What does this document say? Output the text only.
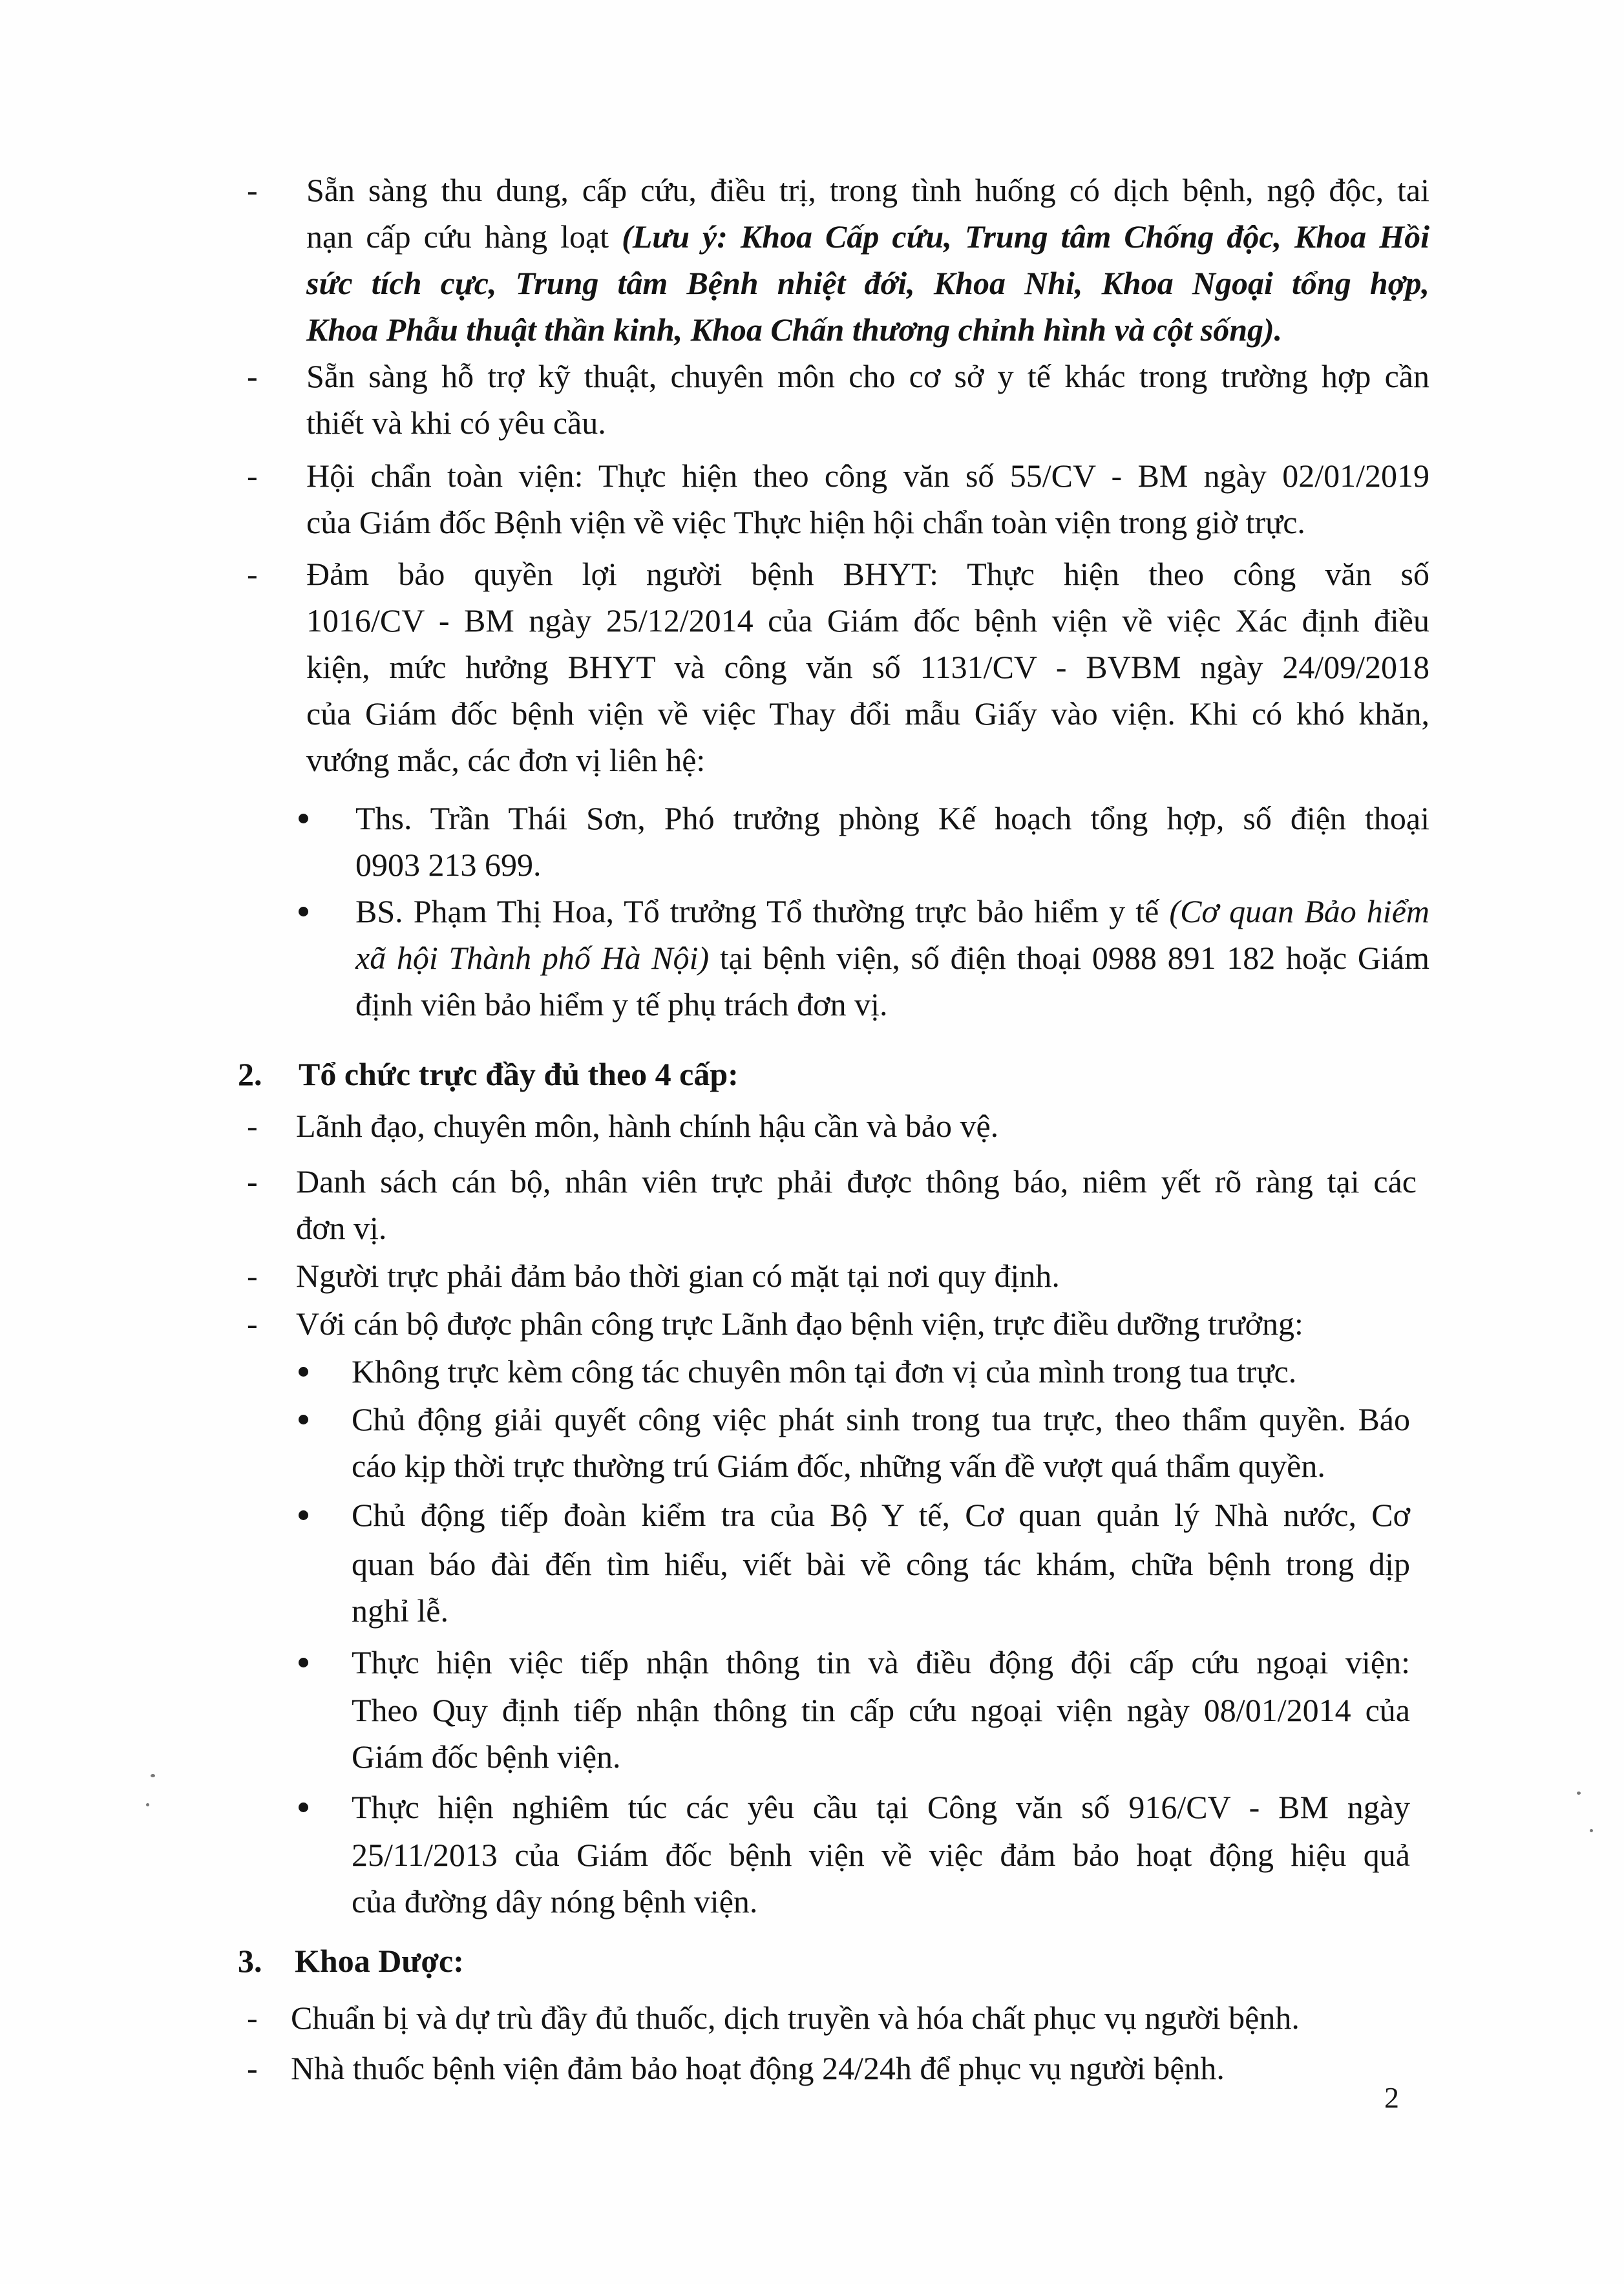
- Sẵn sàng thu dung, cấp cứu, điều trị, trong tình huống có dịch bệnh, ngộ độc, tai
nạn cấp cứu hàng loạt (Lưu ý: Khoa Cấp cứu, Trung tâm Chống độc, Khoa Hồi
sức tích cực, Trung tâm Bệnh nhiệt đới, Khoa Nhi, Khoa Ngoại tổng hợp,
Khoa Phẫu thuật thần kinh, Khoa Chấn thương chỉnh hình và cột sống).
- Sẵn sàng hỗ trợ kỹ thuật, chuyên môn cho cơ sở y tế khác trong trường hợp cần
thiết và khi có yêu cầu.
- Hội chẩn toàn viện: Thực hiện theo công văn số 55/CV - BM ngày 02/01/2019
của Giám đốc Bệnh viện về việc Thực hiện hội chẩn toàn viện trong giờ trực.
- Đảm bảo quyền lợi người bệnh BHYT: Thực hiện theo công văn số
1016/CV - BM ngày 25/12/2014 của Giám đốc bệnh viện về việc Xác định điều
kiện, mức hưởng BHYT và công văn số 1131/CV - BVBM ngày 24/09/2018
của Giám đốc bệnh viện về việc Thay đổi mẫu Giấy vào viện. Khi có khó khăn,
vướng mắc, các đơn vị liên hệ:
Ths. Trần Thái Sơn, Phó trưởng phòng Kế hoạch tổng hợp, số điện thoại
0903 213 699.
BS. Phạm Thị Hoa, Tổ trưởng Tổ thường trực bảo hiểm y tế (Cơ quan Bảo hiểm
xã hội Thành phố Hà Nội) tại bệnh viện, số điện thoại 0988 891 182 hoặc Giám
định viên bảo hiểm y tế phụ trách đơn vị.
2. Tổ chức trực đầy đủ theo 4 cấp:
- Lãnh đạo, chuyên môn, hành chính hậu cần và bảo vệ.
- Danh sách cán bộ, nhân viên trực phải được thông báo, niêm yết rõ ràng tại các
đơn vị.
- Người trực phải đảm bảo thời gian có mặt tại nơi quy định.
- Với cán bộ được phân công trực Lãnh đạo bệnh viện, trực điều dưỡng trưởng:
Không trực kèm công tác chuyên môn tại đơn vị của mình trong tua trực.
Chủ động giải quyết công việc phát sinh trong tua trực, theo thẩm quyền. Báo
cáo kịp thời trực thường trú Giám đốc, những vấn đề vượt quá thẩm quyền.
Chủ động tiếp đoàn kiểm tra của Bộ Y tế, Cơ quan quản lý Nhà nước, Cơ
quan báo đài đến tìm hiểu, viết bài về công tác khám, chữa bệnh trong dịp
nghỉ lễ.
Thực hiện việc tiếp nhận thông tin và điều động đội cấp cứu ngoại viện:
Theo Quy định tiếp nhận thông tin cấp cứu ngoại viện ngày 08/01/2014 của
Giám đốc bệnh viện.
Thực hiện nghiêm túc các yêu cầu tại Công văn số 916/CV - BM ngày
25/11/2013 của Giám đốc bệnh viện về việc đảm bảo hoạt động hiệu quả
của đường dây nóng bệnh viện.
3. Khoa Dược:
- Chuẩn bị và dự trù đầy đủ thuốc, dịch truyền và hóa chất phục vụ người bệnh.
- Nhà thuốc bệnh viện đảm bảo hoạt động 24/24h để phục vụ người bệnh.
2
